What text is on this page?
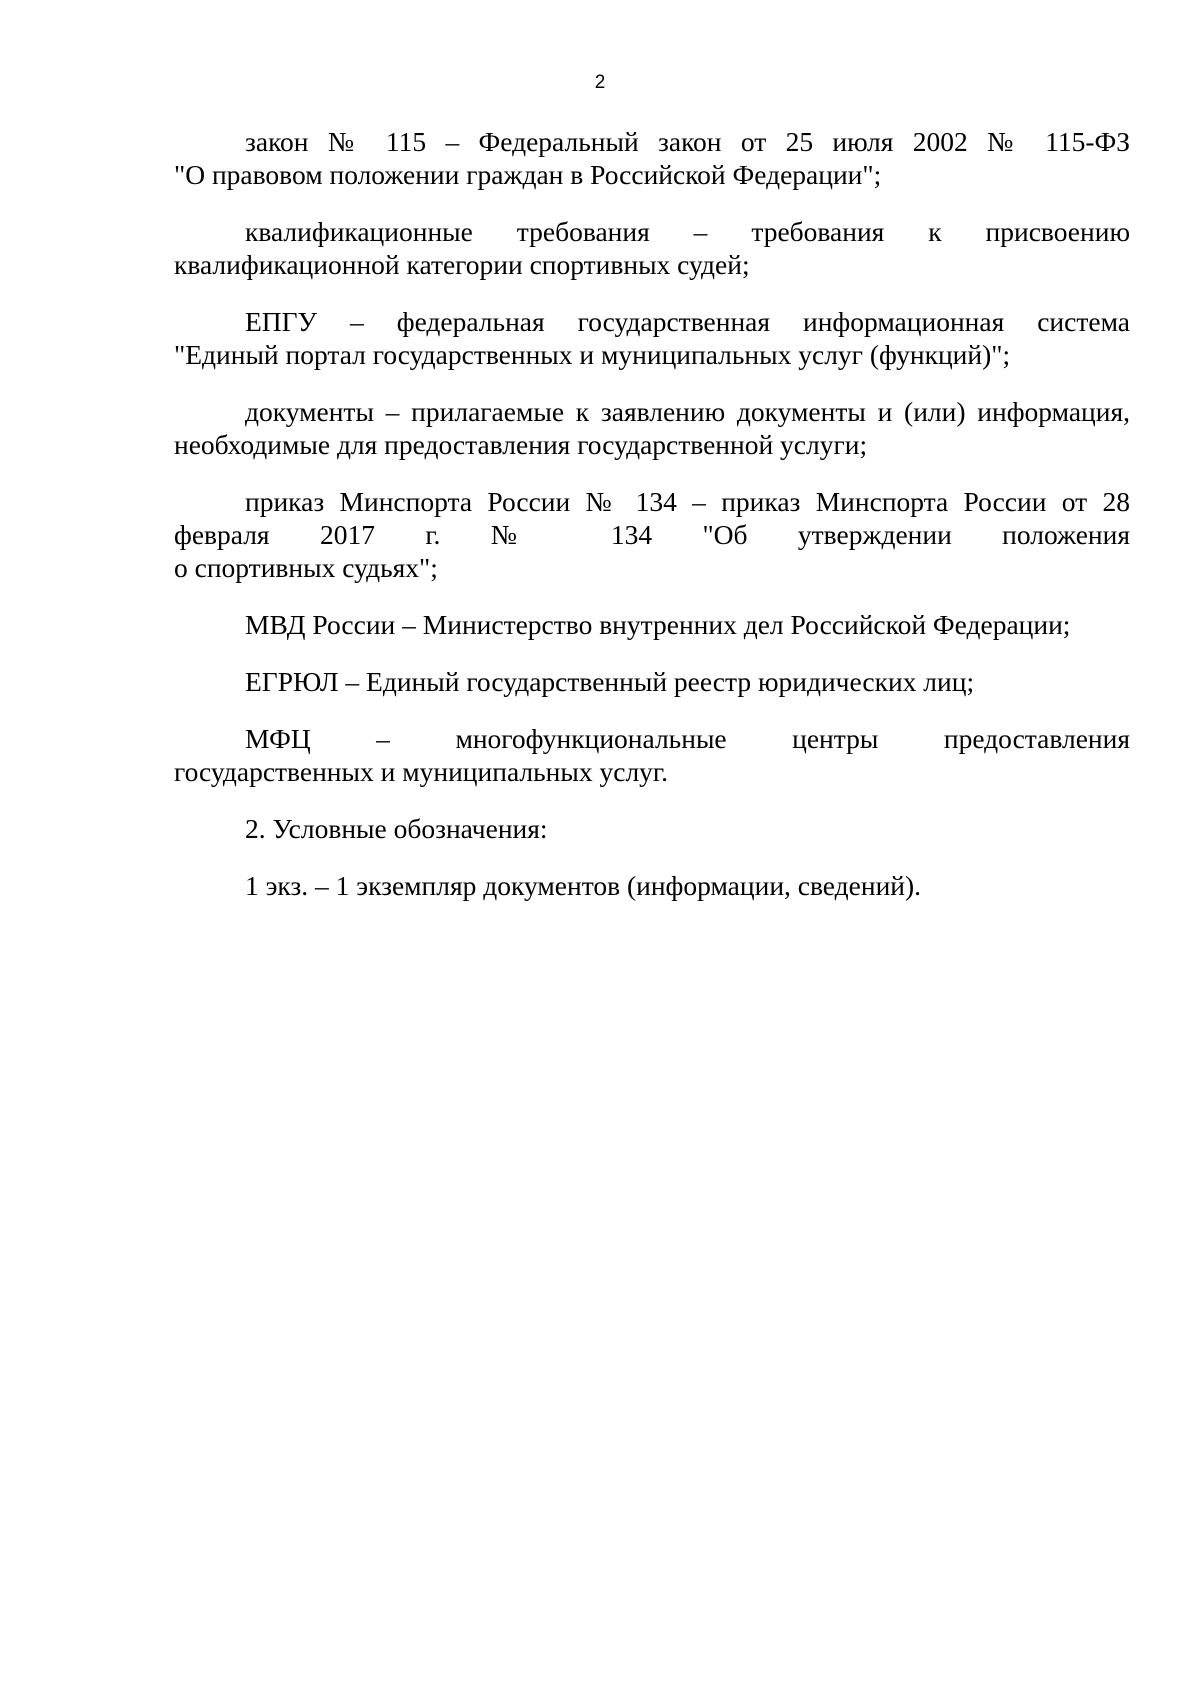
2
закон № 115 – Федеральный закон от 25 июля 2002 № 115-ФЗ
"О правовом положении граждан в Российской Федерации";
квалификационные требования – требования к присвоению
квалификационной категории спортивных судей;
ЕПГУ – федеральная государственная информационная система
"Единый портал государственных и муниципальных услуг (функций)";
документы – прилагаемые к заявлению документы и (или) информация,
необходимые для предоставления государственной услуги;
приказ Минспорта России № 134 – приказ Минспорта России от 28
февраля 2017 г. № 134 "Об утверждении положения
о спортивных судьях";
МВД России – Министерство внутренних дел Российской Федерации;
ЕГРЮЛ – Единый государственный реестр юридических лиц;
МФЦ – многофункциональные центры предоставления
государственных и муниципальных услуг.
2. Условные обозначения:
1 экз. – 1 экземпляр документов (информации, сведений).
